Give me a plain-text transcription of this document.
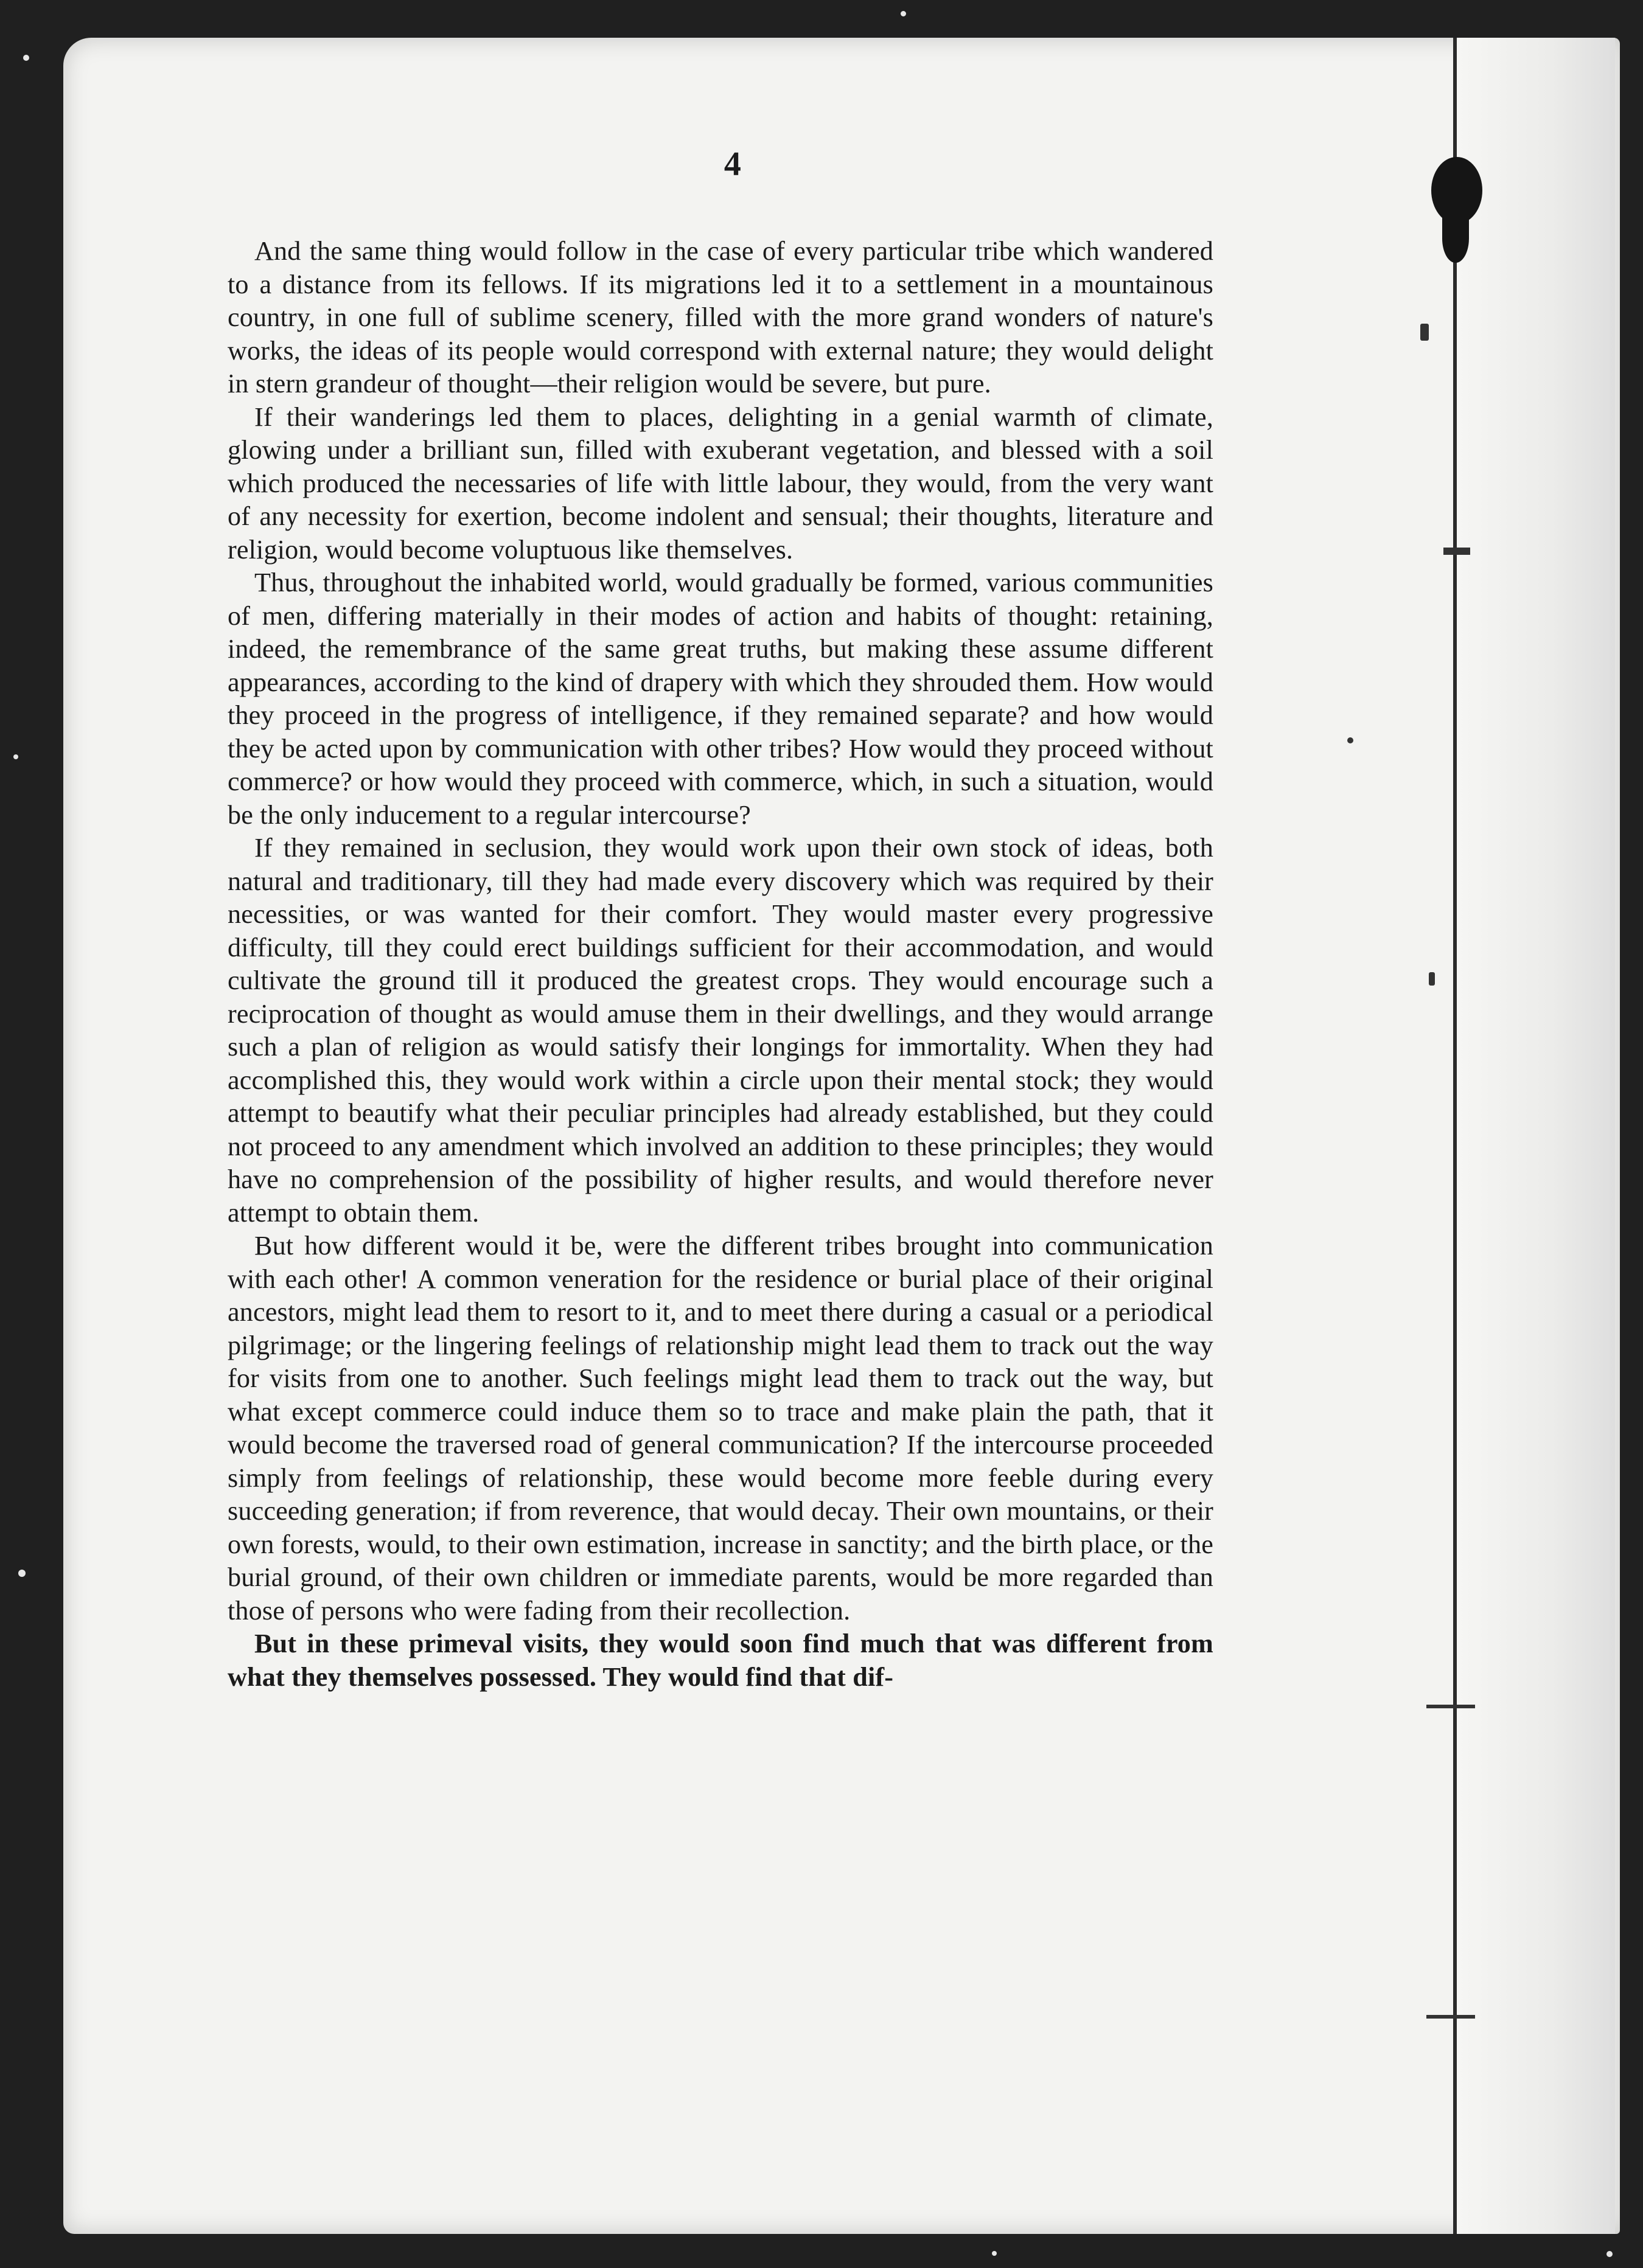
4

And the same thing would follow in the case of every particular tribe which wandered to a distance from its fellows. If its migrations led it to a settlement in a mountainous country, in one full of sublime scenery, filled with the more grand wonders of nature's works, the ideas of its people would correspond with external nature; they would delight in stern grandeur of thought—their religion would be severe, but pure.

If their wanderings led them to places, delighting in a genial warmth of climate, glowing under a brilliant sun, filled with exuberant vegetation, and blessed with a soil which produced the necessaries of life with little labour, they would, from the very want of any necessity for exertion, become indolent and sensual; their thoughts, literature and religion, would become voluptuous like themselves.

Thus, throughout the inhabited world, would gradually be formed, various communities of men, differing materially in their modes of action and habits of thought: retaining, indeed, the remembrance of the same great truths, but making these assume different appearances, according to the kind of drapery with which they shrouded them. How would they proceed in the progress of intelligence, if they remained separate? and how would they be acted upon by communication with other tribes? How would they proceed without commerce? or how would they proceed with commerce, which, in such a situation, would be the only inducement to a regular intercourse?

If they remained in seclusion, they would work upon their own stock of ideas, both natural and traditionary, till they had made every discovery which was required by their necessities, or was wanted for their comfort. They would master every progressive difficulty, till they could erect buildings sufficient for their accommodation, and would cultivate the ground till it produced the greatest crops. They would encourage such a reciprocation of thought as would amuse them in their dwellings, and they would arrange such a plan of religion as would satisfy their longings for immortality. When they had accomplished this, they would work within a circle upon their mental stock; they would attempt to beautify what their peculiar principles had already established, but they could not proceed to any amendment which involved an addition to these principles; they would have no comprehension of the possibility of higher results, and would therefore never attempt to obtain them.

But how different would it be, were the different tribes brought into communication with each other! A common veneration for the residence or burial place of their original ancestors, might lead them to resort to it, and to meet there during a casual or a periodical pilgrimage; or the lingering feelings of relationship might lead them to track out the way for visits from one to another. Such feelings might lead them to track out the way, but what except commerce could induce them so to trace and make plain the path, that it would become the traversed road of general communication? If the intercourse proceeded simply from feelings of relationship, these would become more feeble during every succeeding generation; if from reverence, that would decay. Their own mountains, or their own forests, would, to their own estimation, increase in sanctity; and the birth place, or the burial ground, of their own children or immediate parents, would be more regarded than those of persons who were fading from their recollection.

But in these primeval visits, they would soon find much that was different from what they themselves possessed. They would find that dif-
